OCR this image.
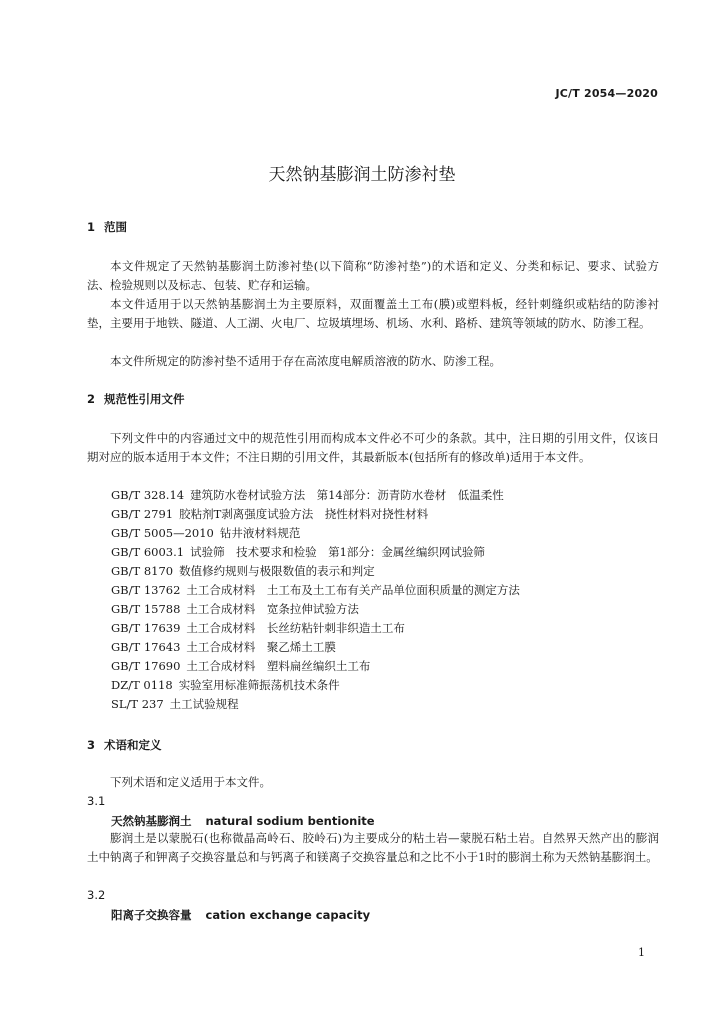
JC/T 2054—2020
天然钠基膨润土防渗衬垫
1 范围

本文件规定了天然钠基膨润土防渗衬垫(以下简称“防渗衬垫”)的术语和定义、分类和标记、要求、试验方法、检验规则以及标志、包装、贮存和运输。

本文件适用于以天然钠基膨润土为主要原料，双面覆盖土工布(膜)或塑料板，经针刺缝织或粘结的防渗衬垫，主要用于地铁、隧道、人工湖、火电厂、垃圾填埋场、机场、水利、路桥、建筑等领域的防水、防渗工程。

本文件所规定的防渗衬垫不适用于存在高浓度电解质溶液的防水、防渗工程。

2 规范性引用文件

下列文件中的内容通过文中的规范性引用而构成本文件必不可少的条款。其中，注日期的引用文件，仅该日期对应的版本适用于本文件；不注日期的引用文件，其最新版本(包括所有的修改单)适用于本文件。

GB/T 328.14 建筑防水卷材试验方法　第14部分：沥青防水卷材　低温柔性
GB/T 2791 胶粘剂T剥离强度试验方法　挠性材料对挠性材料
GB/T 5005—2010 钻井液材料规范
GB/T 6003.1 试验筛　技术要求和检验　第1部分：金属丝编织网试验筛
GB/T 8170 数值修约规则与极限数值的表示和判定
GB/T 13762 土工合成材料　土工布及土工布有关产品单位面积质量的测定方法
GB/T 15788 土工合成材料　宽条拉伸试验方法
GB/T 17639 土工合成材料　长丝纺粘针刺非织造土工布
GB/T 17643 土工合成材料　聚乙烯土工膜
GB/T 17690 土工合成材料　塑料扁丝编织土工布
DZ/T 0118 实验室用标准筛振荡机技术条件
SL/T 237 土工试验规程
3 术语和定义

下列术语和定义适用于本文件。

3.1
天然钠基膨润土 natural sodium bentionite

膨润土是以蒙脱石(也称微晶高岭石、胶岭石)为主要成分的粘土岩—蒙脱石粘土岩。自然界天然产出的膨润土中钠离子和钾离子交换容量总和与钙离子和镁离子交换容量总和之比不小于1时的膨润土称为天然钠基膨润土。

3.2
阳离子交换容量 cation exchange capacity
1
